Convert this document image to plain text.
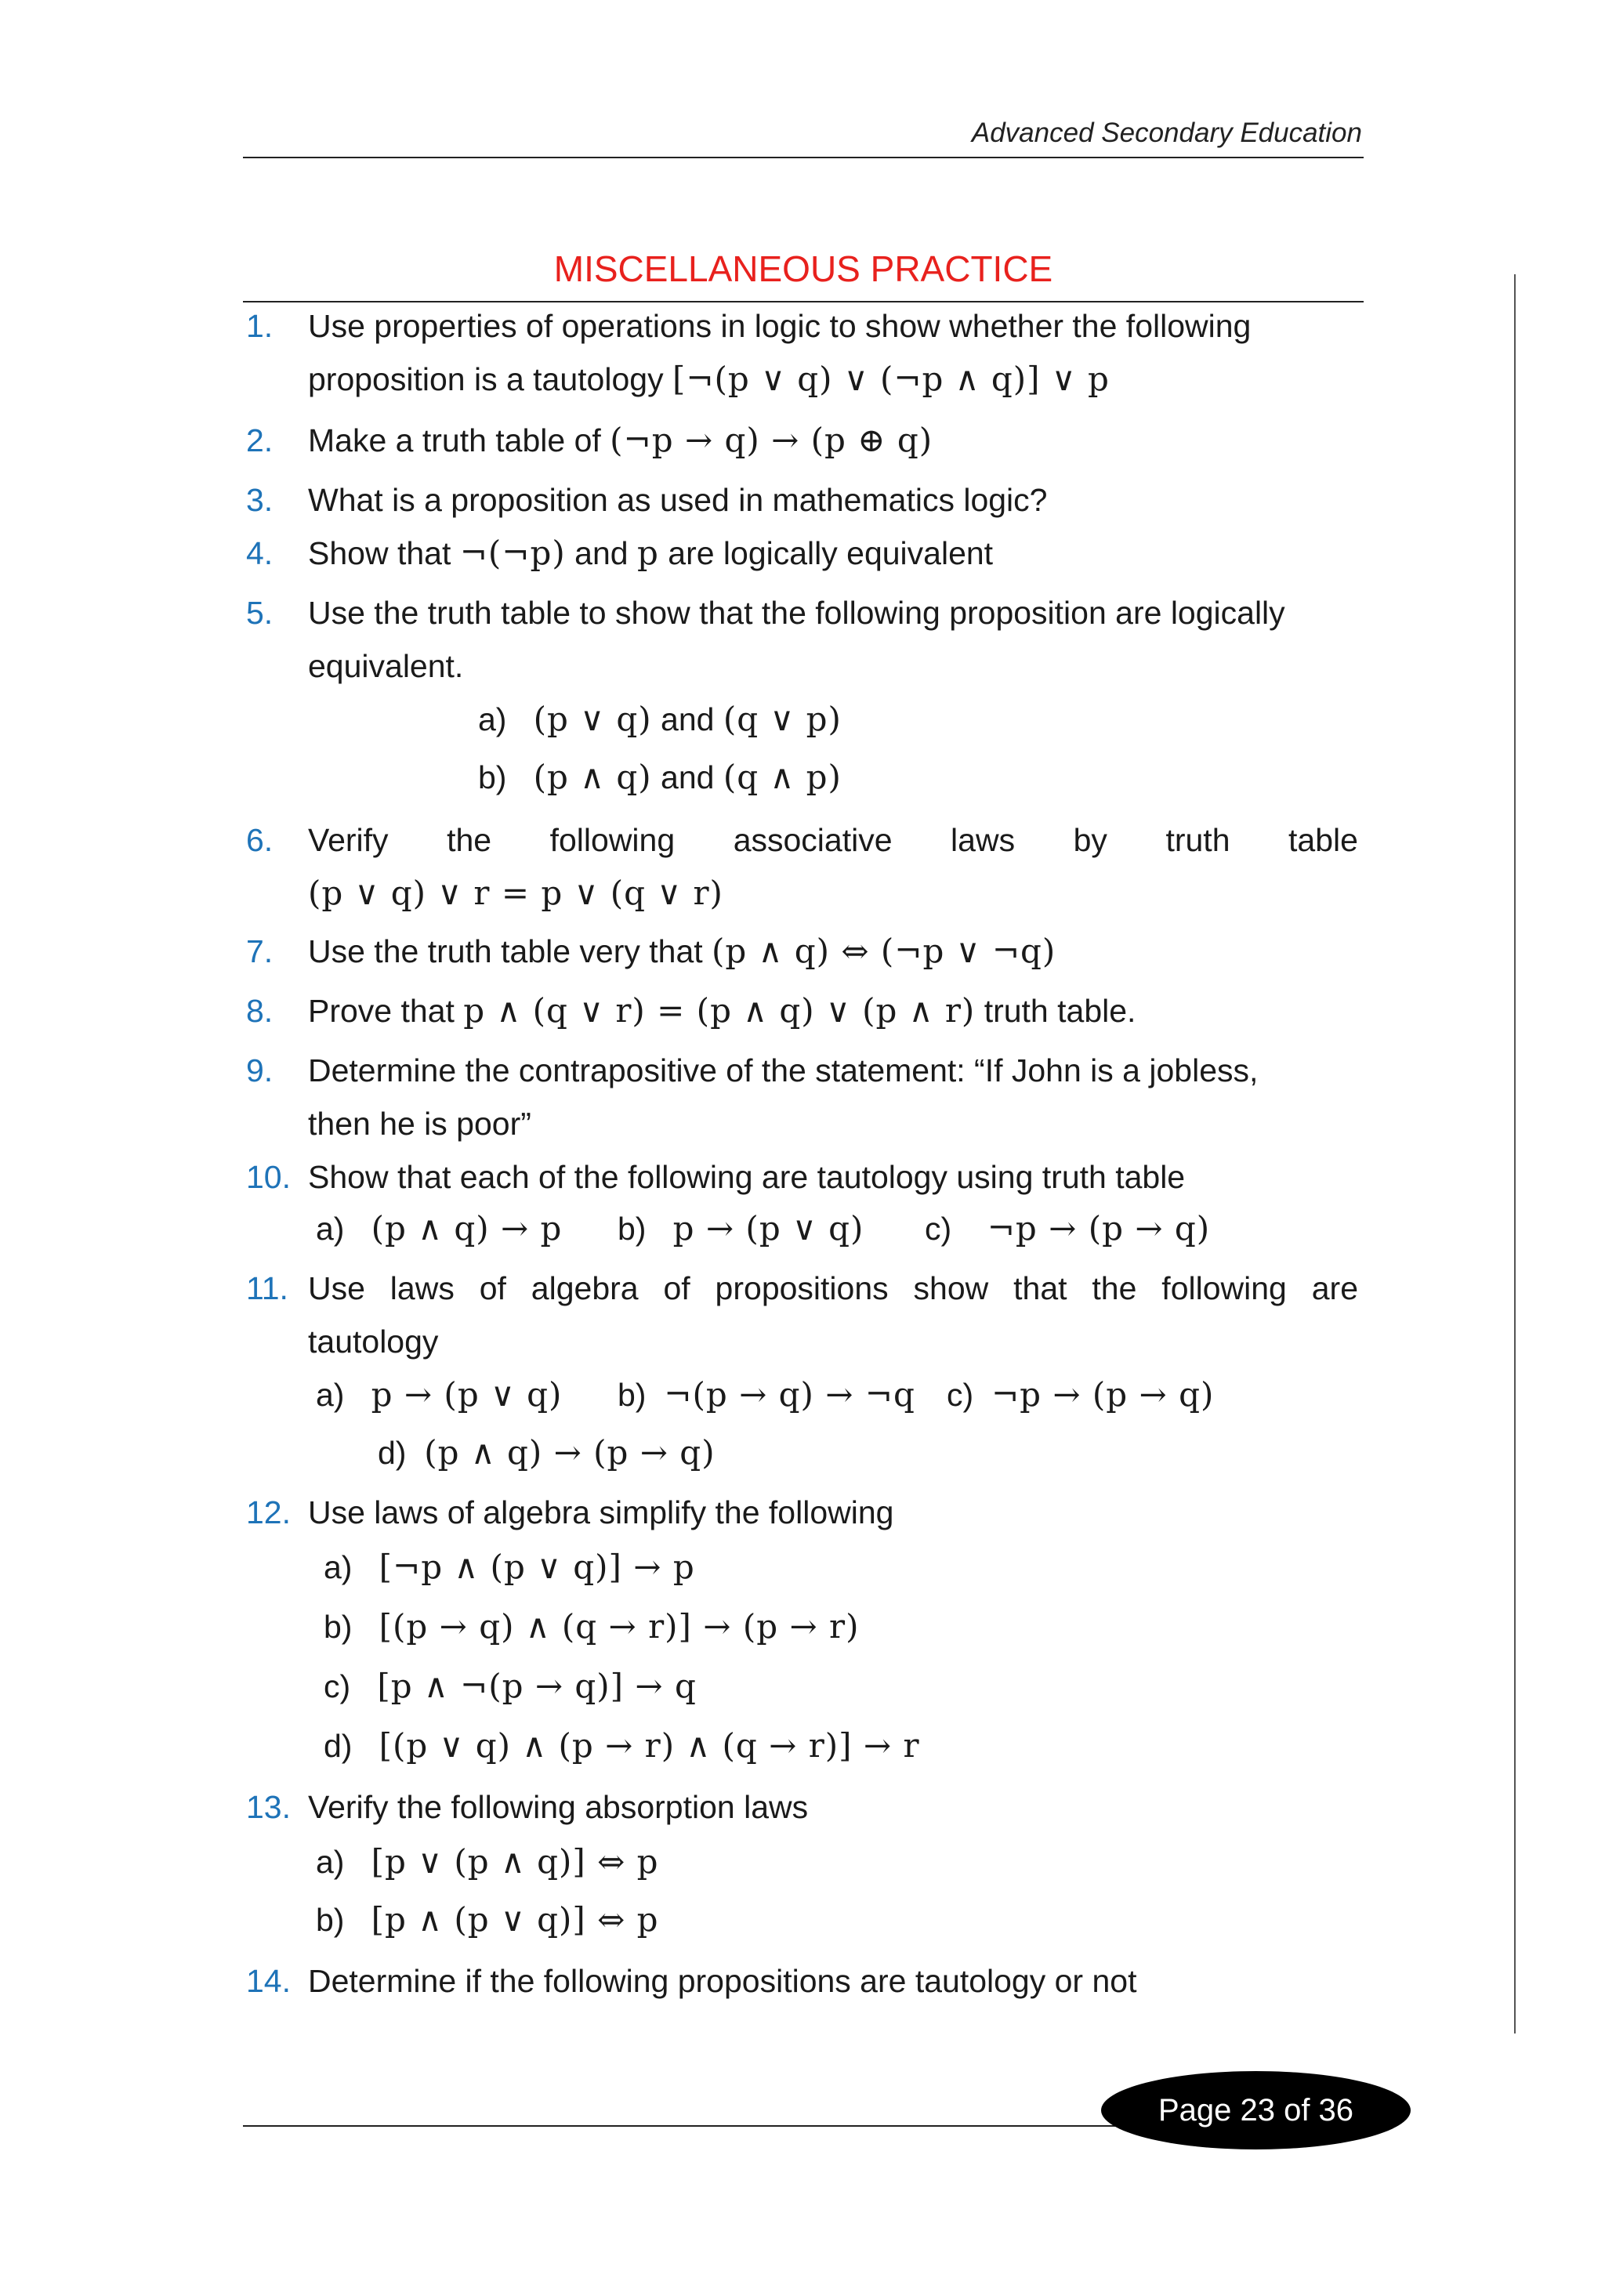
Advanced Secondary Education
MISCELLANEOUS PRACTICE
1.	Use properties of operations in logic to show whether the following
proposition is a tautology [¬(p ∨ q) ∨ (¬p ∧ q)] ∨ p
2.	Make a truth table of (¬p → q) → (p ⊕ q)
3.	What is a proposition as used in mathematics logic?
4.	Show that ¬(¬p) and p are logically equivalent
5.	Use the truth table to show that the following proposition are logically
equivalent.
a) (p ∨ q) and (q ∨ p)
b) (p ∧ q) and (q ∧ p)
6.	Verify the following associative laws by truth table
(p ∨ q) ∨ r = p ∨ (q ∨ r)
7.	Use the truth table very that (p ∧ q) ⇔ (¬p ∨ ¬q)
8.	Prove that p ∧ (q ∨ r) = (p ∧ q) ∨ (p ∧ r) truth table.
9.	Determine the contrapositive of the statement: “If John is a jobless,
then he is poor”
10. Show that each of the following are tautology using truth table
a) (p ∧ q) → p b) p → (p ∨ q) c) ¬p → (p → q)
11. Use laws of algebra of propositions show that the following are
tautology
a) p → (p ∨ q) b) ¬(p → q) → ¬q c) ¬p → (p → q)
d) (p ∧ q) → (p → q)
12. Use laws of algebra simplify the following
a) [¬p ∧ (p ∨ q)] → p
b) [(p → q) ∧ (q → r)] → (p → r)
c) [p ∧ ¬(p → q)] → q
d) [(p ∨ q) ∧ (p → r) ∧ (q → r)] → r
13. Verify the following absorption laws
a) [p ∨ (p ∧ q)] ⇔ p
b) [p ∧ (p ∨ q)] ⇔ p
14. Determine if the following propositions are tautology or not
Page 23 of 36
